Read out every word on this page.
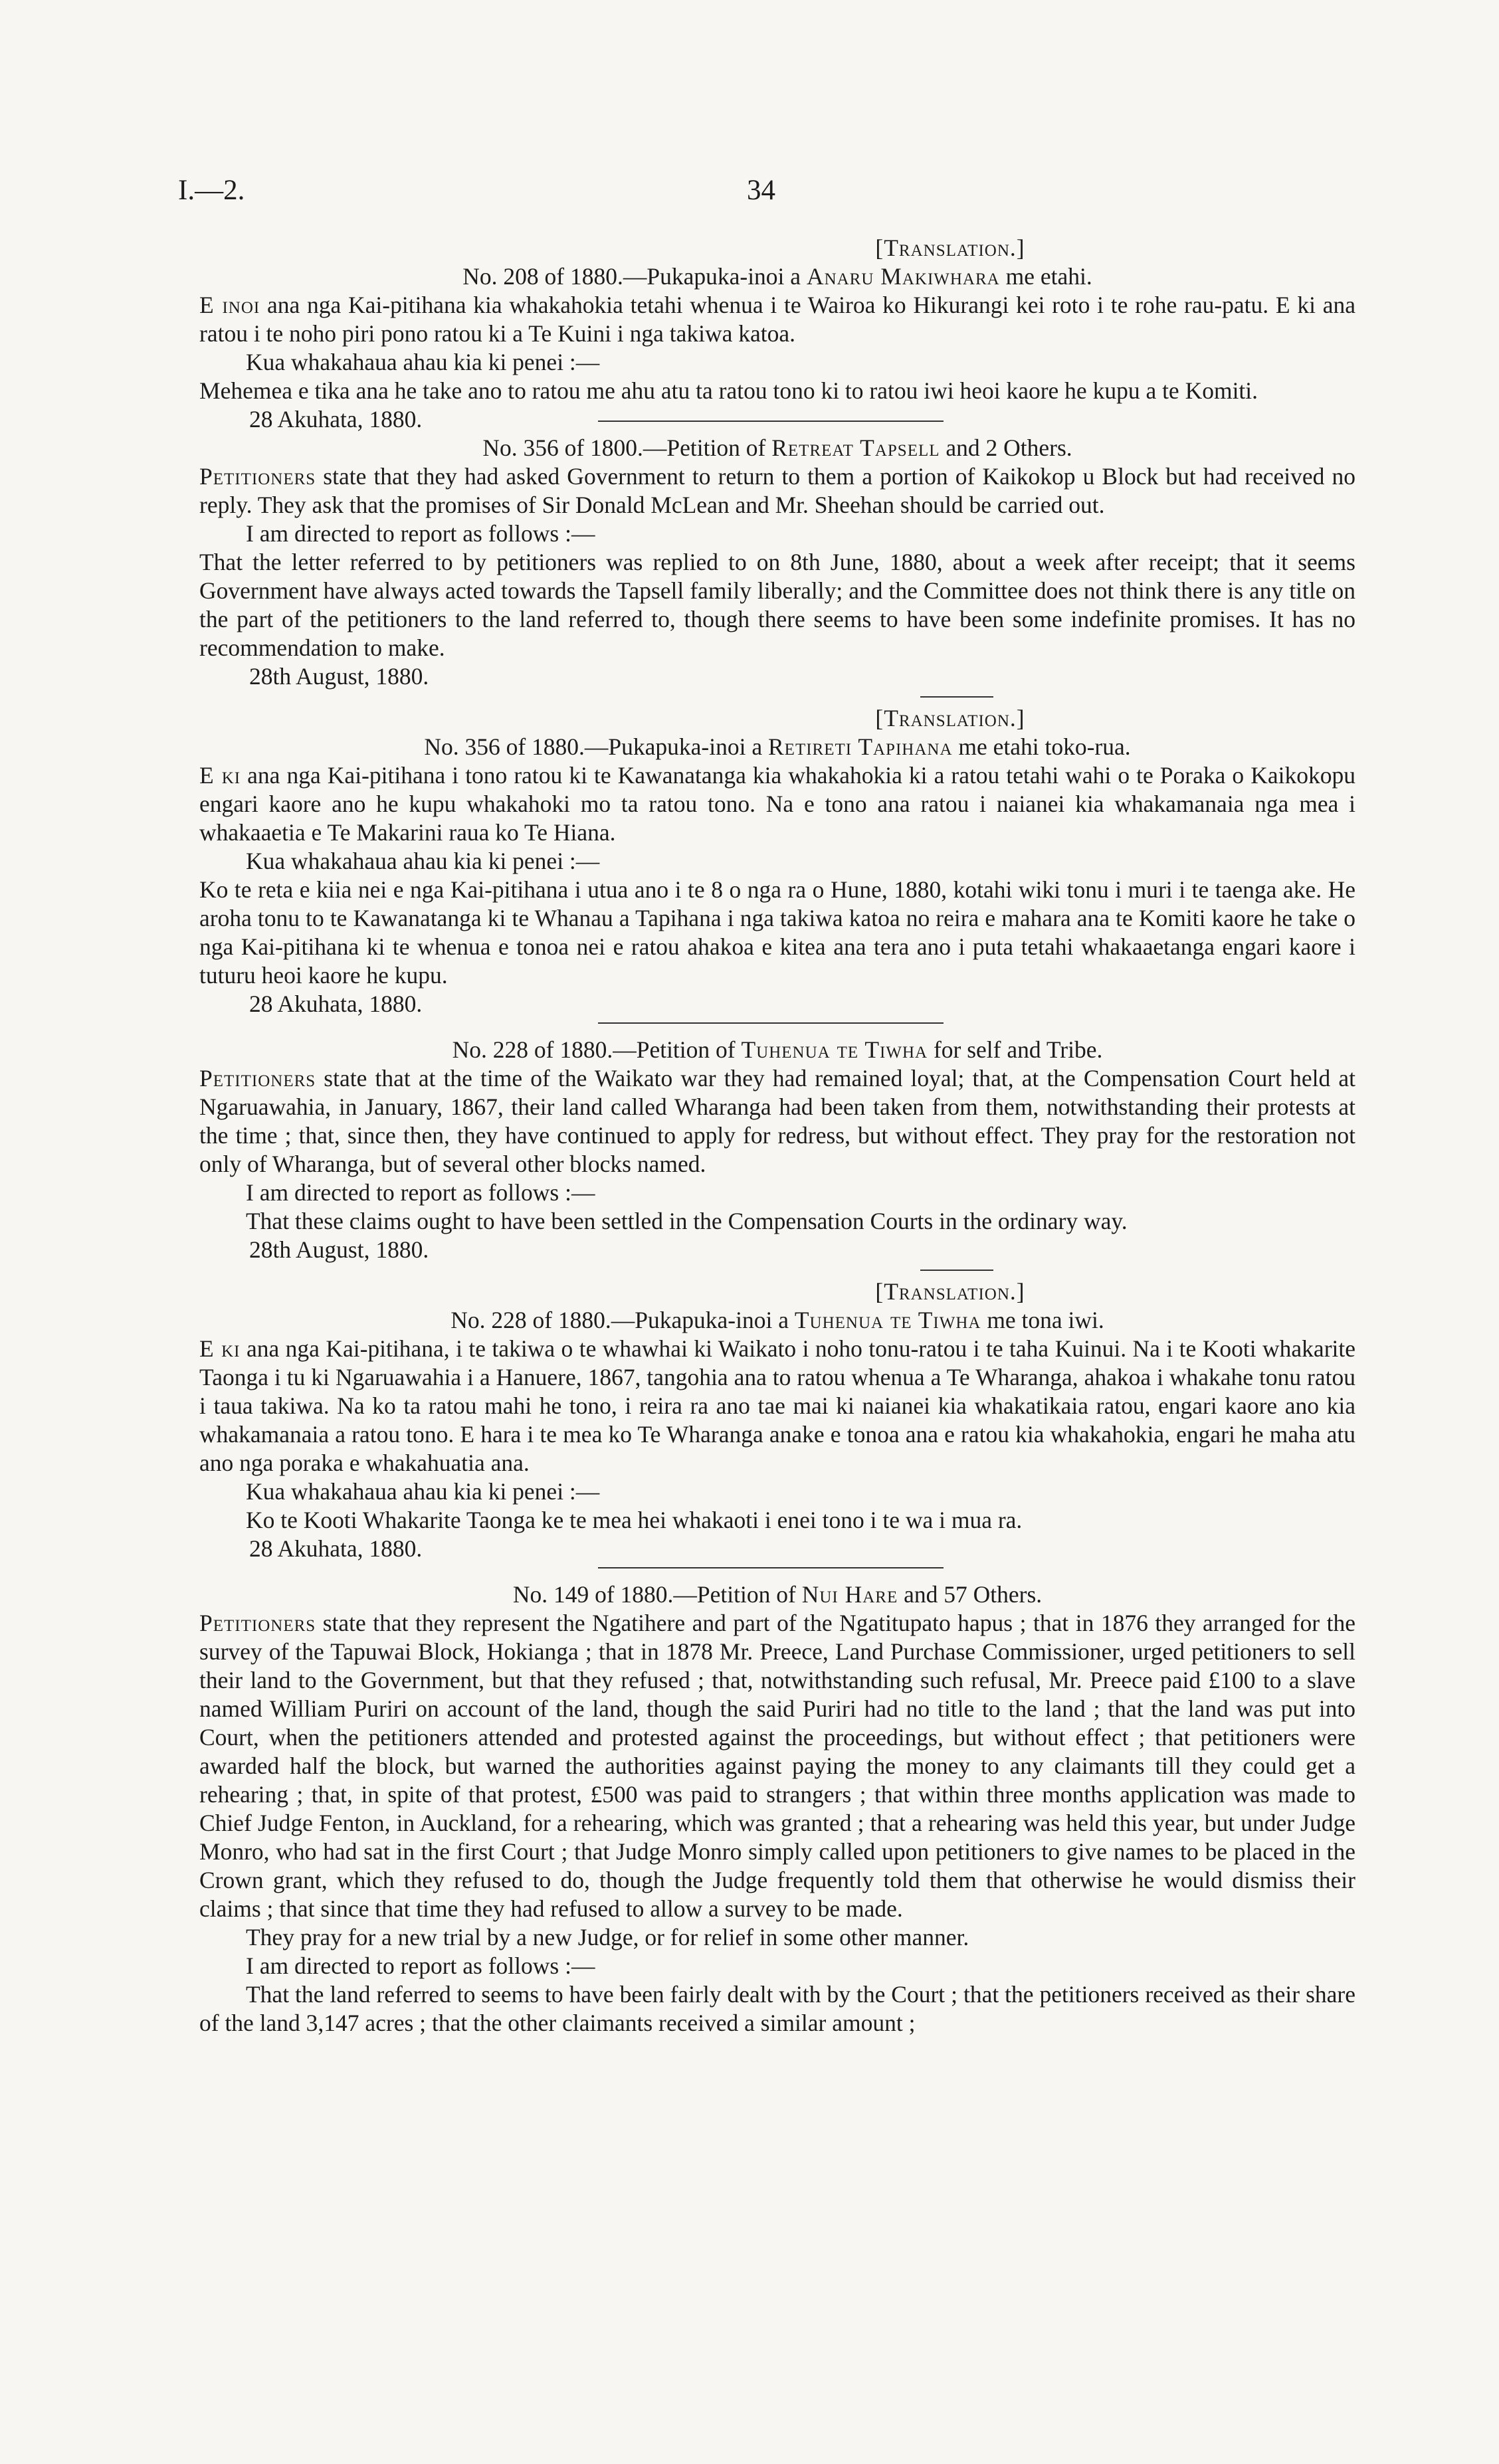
I.—2.	34
[Translation.]
No. 208 of 1880.—Pukapuka-inoi a Anaru Makiwhara me etahi.

E inoi ana nga Kai-pitihana kia whakahokia tetahi whenua i te Wairoa ko Hikurangi kei roto i te rohe rau-patu. E ki ana ratou i te noho piri pono ratou ki a Te Kuini i nga takiwa katoa.

Kua whakahaua ahau kia ki penei :—

Mehemea e tika ana he take ano to ratou me ahu atu ta ratou tono ki to ratou iwi heoi kaore he kupu a te Komiti.

28 Akuhata, 1880.

No. 356 of 1800.—Petition of Retreat Tapsell and 2 Others.

Petitioners state that they had asked Government to return to them a portion of Kaikokop u Block but had received no reply. They ask that the promises of Sir Donald McLean and Mr. Sheehan should be carried out.

I am directed to report as follows :—

That the letter referred to by petitioners was replied to on 8th June, 1880, about a week after receipt; that it seems Government have always acted towards the Tapsell family liberally; and the Committee does not think there is any title on the part of the petitioners to the land referred to, though there seems to have been some indefinite promises. It has no recommendation to make.

28th August, 1880.

[Translation.]
No. 356 of 1880.—Pukapuka-inoi a Retireti Tapihana me etahi toko-rua.

E ki ana nga Kai-pitihana i tono ratou ki te Kawanatanga kia whakahokia ki a ratou tetahi wahi o te Poraka o Kaikokopu engari kaore ano he kupu whakahoki mo ta ratou tono. Na e tono ana ratou i naianei kia whakamanaia nga mea i whakaaetia e Te Makarini raua ko Te Hiana.

Kua whakahaua ahau kia ki penei :—

Ko te reta e kiia nei e nga Kai-pitihana i utua ano i te 8 o nga ra o Hune, 1880, kotahi wiki tonu i muri i te taenga ake. He aroha tonu to te Kawanatanga ki te Whanau a Tapihana i nga takiwa katoa no reira e mahara ana te Komiti kaore he take o nga Kai-pitihana ki te whenua e tonoa nei e ratou ahakoa e kitea ana tera ano i puta tetahi whakaaetanga engari kaore i tuturu heoi kaore he kupu.

28 Akuhata, 1880.

No. 228 of 1880.—Petition of Tuhenua te Tiwha for self and Tribe.

Petitioners state that at the time of the Waikato war they had remained loyal; that, at the Compensation Court held at Ngaruawahia, in January, 1867, their land called Wharanga had been taken from them, notwithstanding their protests at the time ; that, since then, they have continued to apply for redress, but without effect. They pray for the restoration not only of Wharanga, but of several other blocks named.

I am directed to report as follows :—

That these claims ought to have been settled in the Compensation Courts in the ordinary way.

28th August, 1880.

[Translation.]
No. 228 of 1880.—Pukapuka-inoi a Tuhenua te Tiwha me tona iwi.

E ki ana nga Kai-pitihana, i te takiwa o te whawhai ki Waikato i noho tonu-ratou i te taha Kuinui. Na i te Kooti whakarite Taonga i tu ki Ngaruawahia i a Hanuere, 1867, tangohia ana to ratou whenua a Te Wharanga, ahakoa i whakahe tonu ratou i taua takiwa. Na ko ta ratou mahi he tono, i reira ra ano tae mai ki naianei kia whakatikaia ratou, engari kaore ano kia whakamanaia a ratou tono. E hara i te mea ko Te Wharanga anake e tonoa ana e ratou kia whakahokia, engari he maha atu ano nga poraka e whakahuatia ana.

Kua whakahaua ahau kia ki penei :—

Ko te Kooti Whakarite Taonga ke te mea hei whakaoti i enei tono i te wa i mua ra.

28 Akuhata, 1880.

No. 149 of 1880.—Petition of Nui Hare and 57 Others.

Petitioners state that they represent the Ngatihere and part of the Ngatitupato hapus ; that in 1876 they arranged for the survey of the Tapuwai Block, Hokianga ; that in 1878 Mr. Preece, Land Purchase Commissioner, urged petitioners to sell their land to the Government, but that they refused ; that, notwithstanding such refusal, Mr. Preece paid £100 to a slave named William Puriri on account of the land, though the said Puriri had no title to the land ; that the land was put into Court, when the petitioners attended and protested against the proceedings, but without effect ; that petitioners were awarded half the block, but warned the authorities against paying the money to any claimants till they could get a rehearing ; that, in spite of that protest, £500 was paid to strangers ; that within three months application was made to Chief Judge Fenton, in Auckland, for a rehearing, which was granted ; that a rehearing was held this year, but under Judge Monro, who had sat in the first Court ; that Judge Monro simply called upon petitioners to give names to be placed in the Crown grant, which they refused to do, though the Judge frequently told them that otherwise he would dismiss their claims ; that since that time they had refused to allow a survey to be made.

They pray for a new trial by a new Judge, or for relief in some other manner.

I am directed to report as follows :—

That the land referred to seems to have been fairly dealt with by the Court ; that the petitioners received as their share of the land 3,147 acres ; that the other claimants received a similar amount ;
